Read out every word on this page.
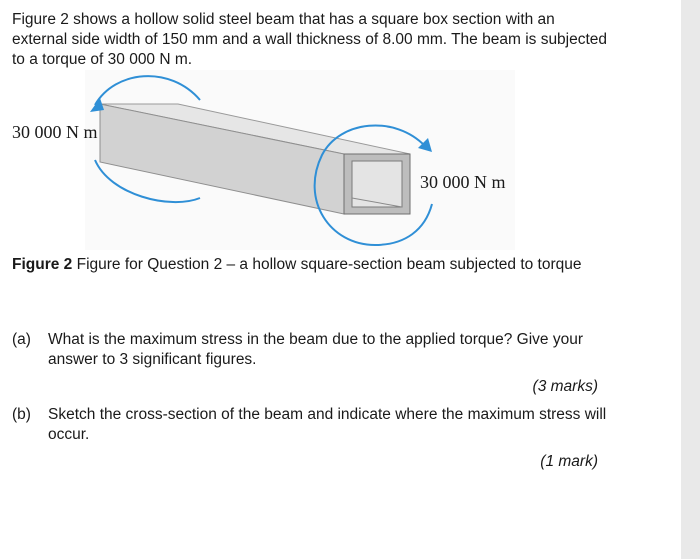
Figure 2 shows a hollow solid steel beam that has a square box section with an external side width of 150 mm and a wall thickness of 8.00 mm. The beam is subjected to a torque of 30 000 N m.

30 000 N m
30 000 N m

Figure 2 Figure for Question 2 – a hollow square-section beam subjected to torque

(a) What is the maximum stress in the beam due to the applied torque? Give your answer to 3 significant figures.
(3 marks)
(b) Sketch the cross-section of the beam and indicate where the maximum stress will occur.
(1 mark)
